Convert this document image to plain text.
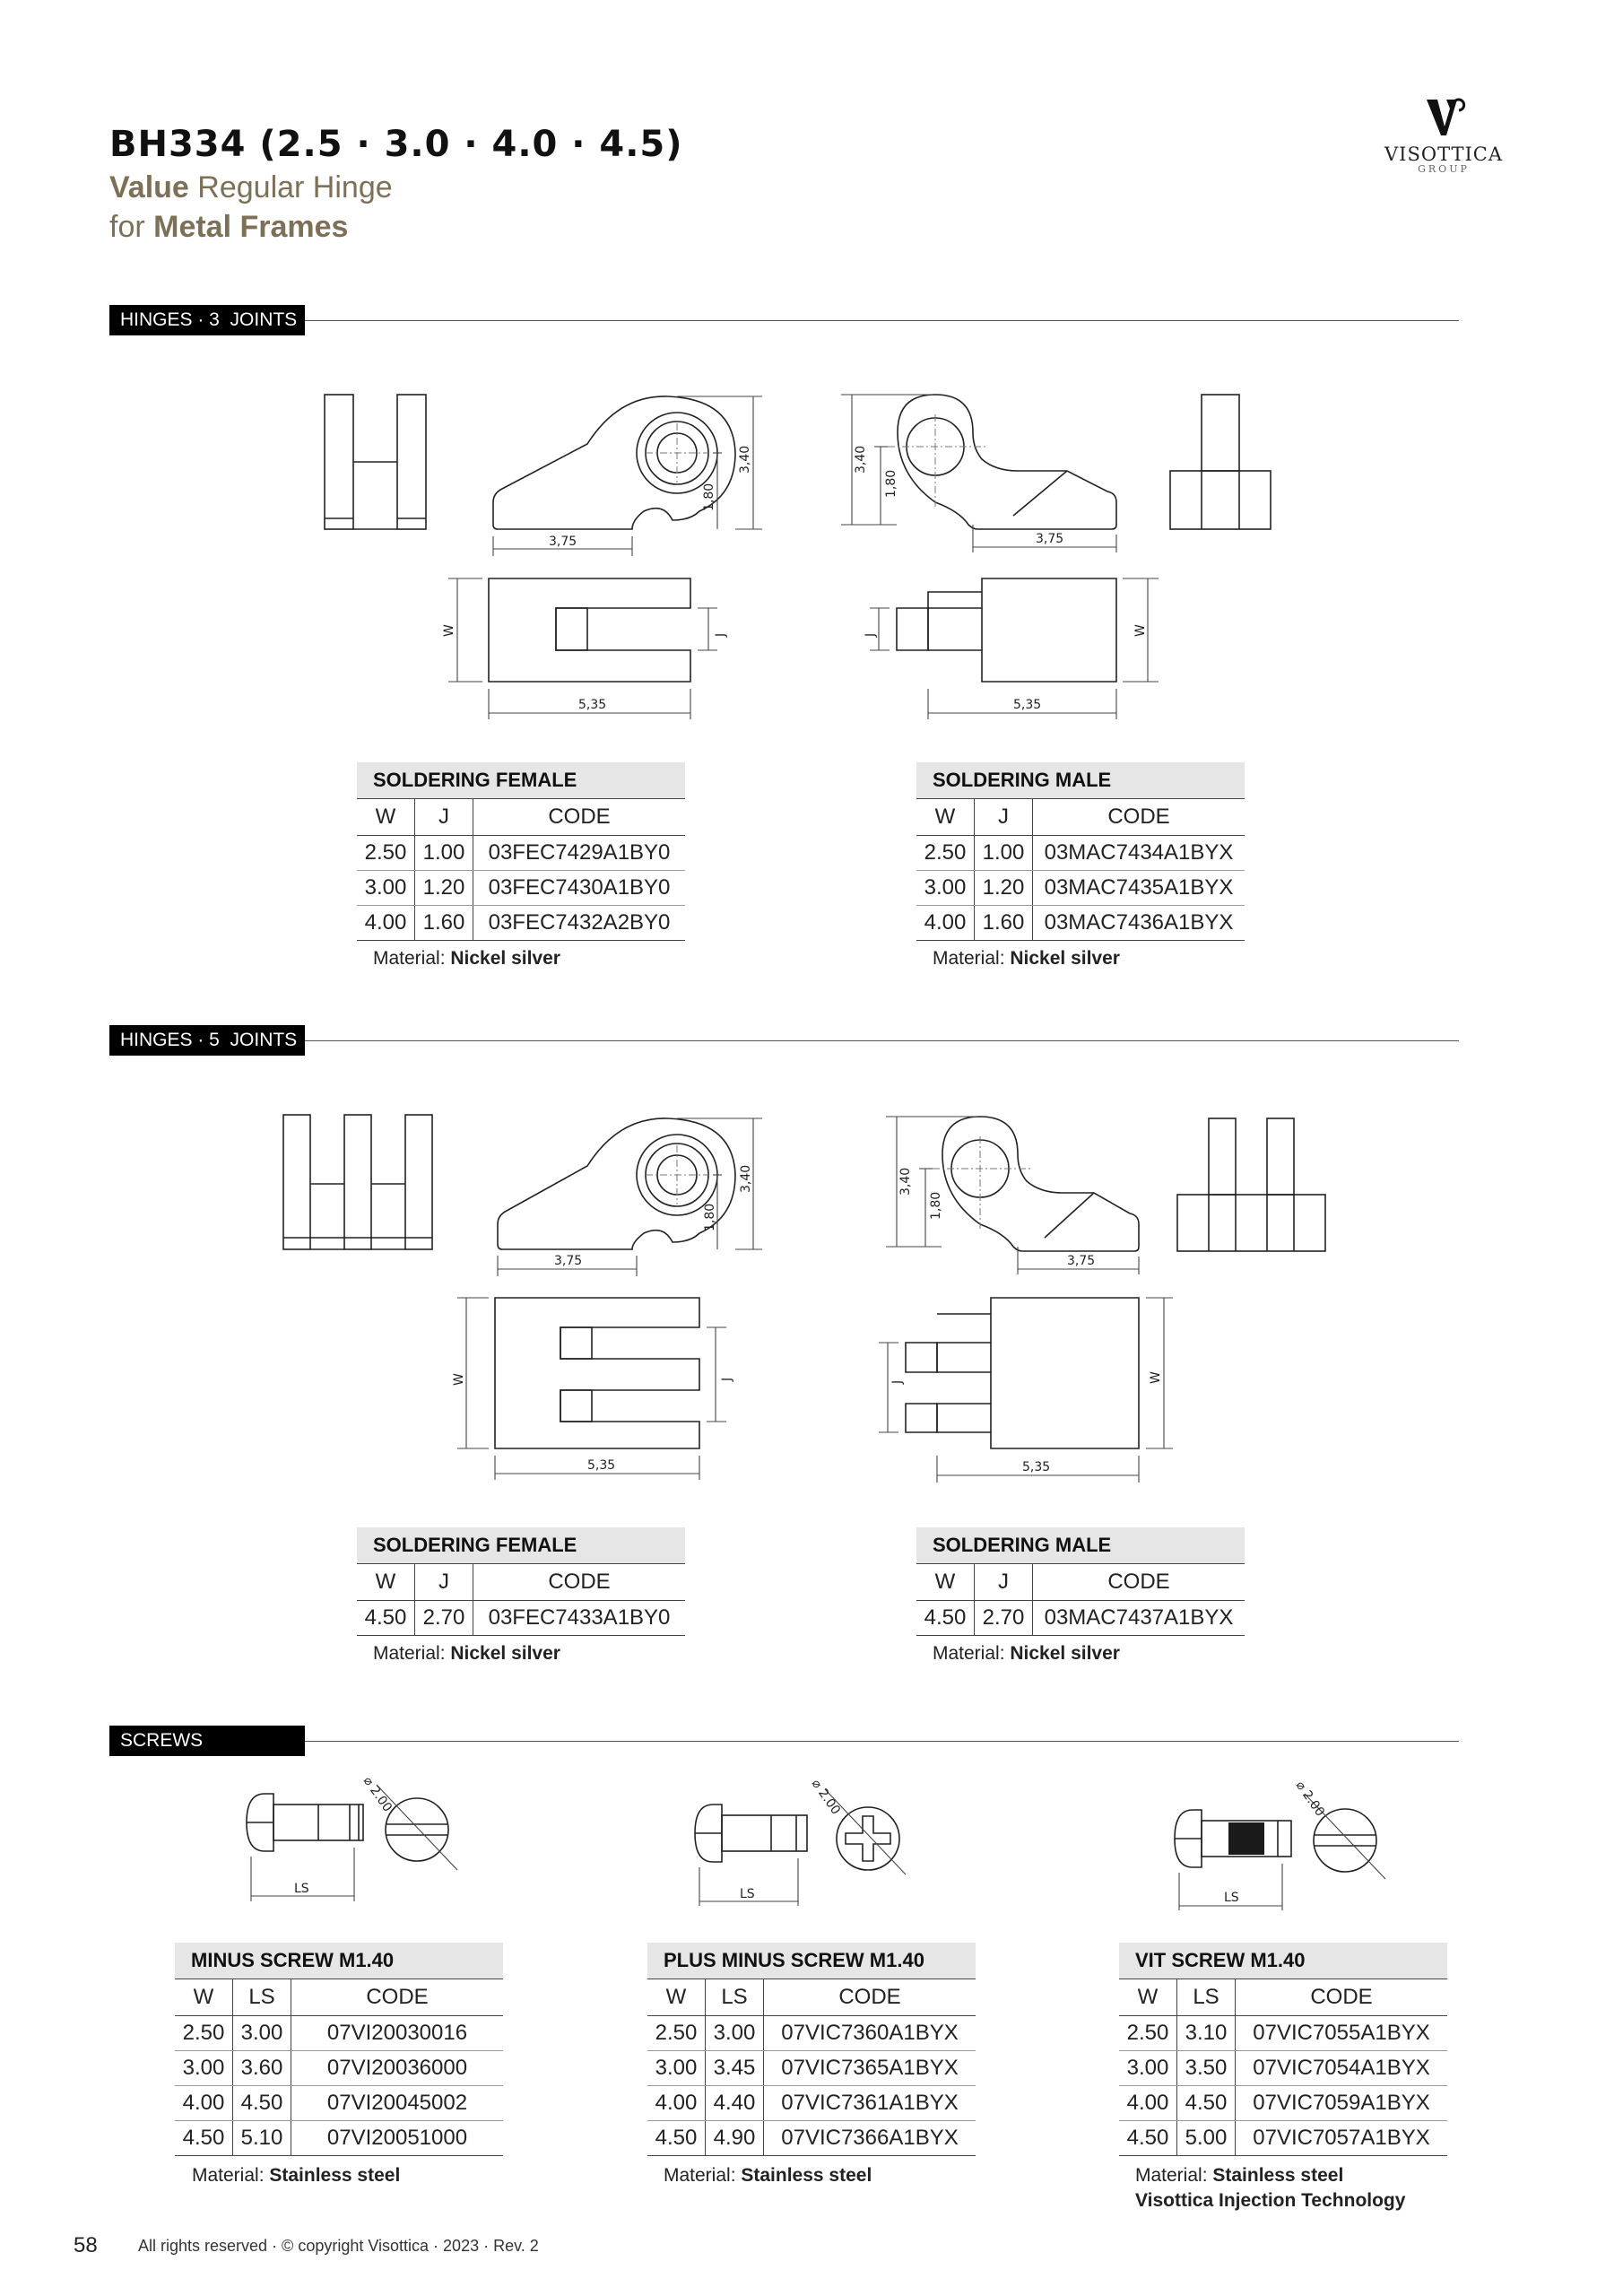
BH334 (2.5 · 3.0 · 4.0 · 4.5)
Value Regular Hinge
for Metal Frames
VISOTTICA
GROUP
HINGES · 3  JOINTS
3,75
1,80
3,40
W	J
5,35
3,40
1,80
3,75
J	W
5,35
SOLDERING FEMALE		
W	J	CODE
2.50	1.00	03FEC7429A1BY0
3.00	1.20	03FEC7430A1BY0
4.00	1.60	03FEC7432A2BY0
Material: Nickel silver
SOLDERING MALE		
W	J	CODE
2.50	1.00	03MAC7434A1BYX
3.00	1.20	03MAC7435A1BYX
4.00	1.60	03MAC7436A1BYX
Material: Nickel silver
HINGES · 5  JOINTS
3,75
1,80
3,40
W	J
5,35
3,40
1,80
3,75
J	W
5,35
SOLDERING FEMALE		
W	J	CODE
4.50	2.70	03FEC7433A1BY0
Material: Nickel silver
SOLDERING MALE		
W	J	CODE
4.50	2.70	03MAC7437A1BYX
Material: Nickel silver
SCREWS
LS
⌀ 2.00
LS
⌀ 2.00
LS
⌀ 2.00
MINUS SCREW M1.40		
W	LS	CODE
2.50	3.00	07VI20030016
3.00	3.60	07VI20036000
4.00	4.50	07VI20045002
4.50	5.10	07VI20051000
Material: Stainless steel
PLUS MINUS SCREW M1.40		
W	LS	CODE
2.50	3.00	07VIC7360A1BYX
3.00	3.45	07VIC7365A1BYX
4.00	4.40	07VIC7361A1BYX
4.50	4.90	07VIC7366A1BYX
Material: Stainless steel
VIT SCREW M1.40		
W	LS	CODE
2.50	3.10	07VIC7055A1BYX
3.00	3.50	07VIC7054A1BYX
4.00	4.50	07VIC7059A1BYX
4.50	5.00	07VIC7057A1BYX
Material: Stainless steel
Visottica Injection Technology
58	All rights reserved · © copyright Visottica · 2023 · Rev. 2
